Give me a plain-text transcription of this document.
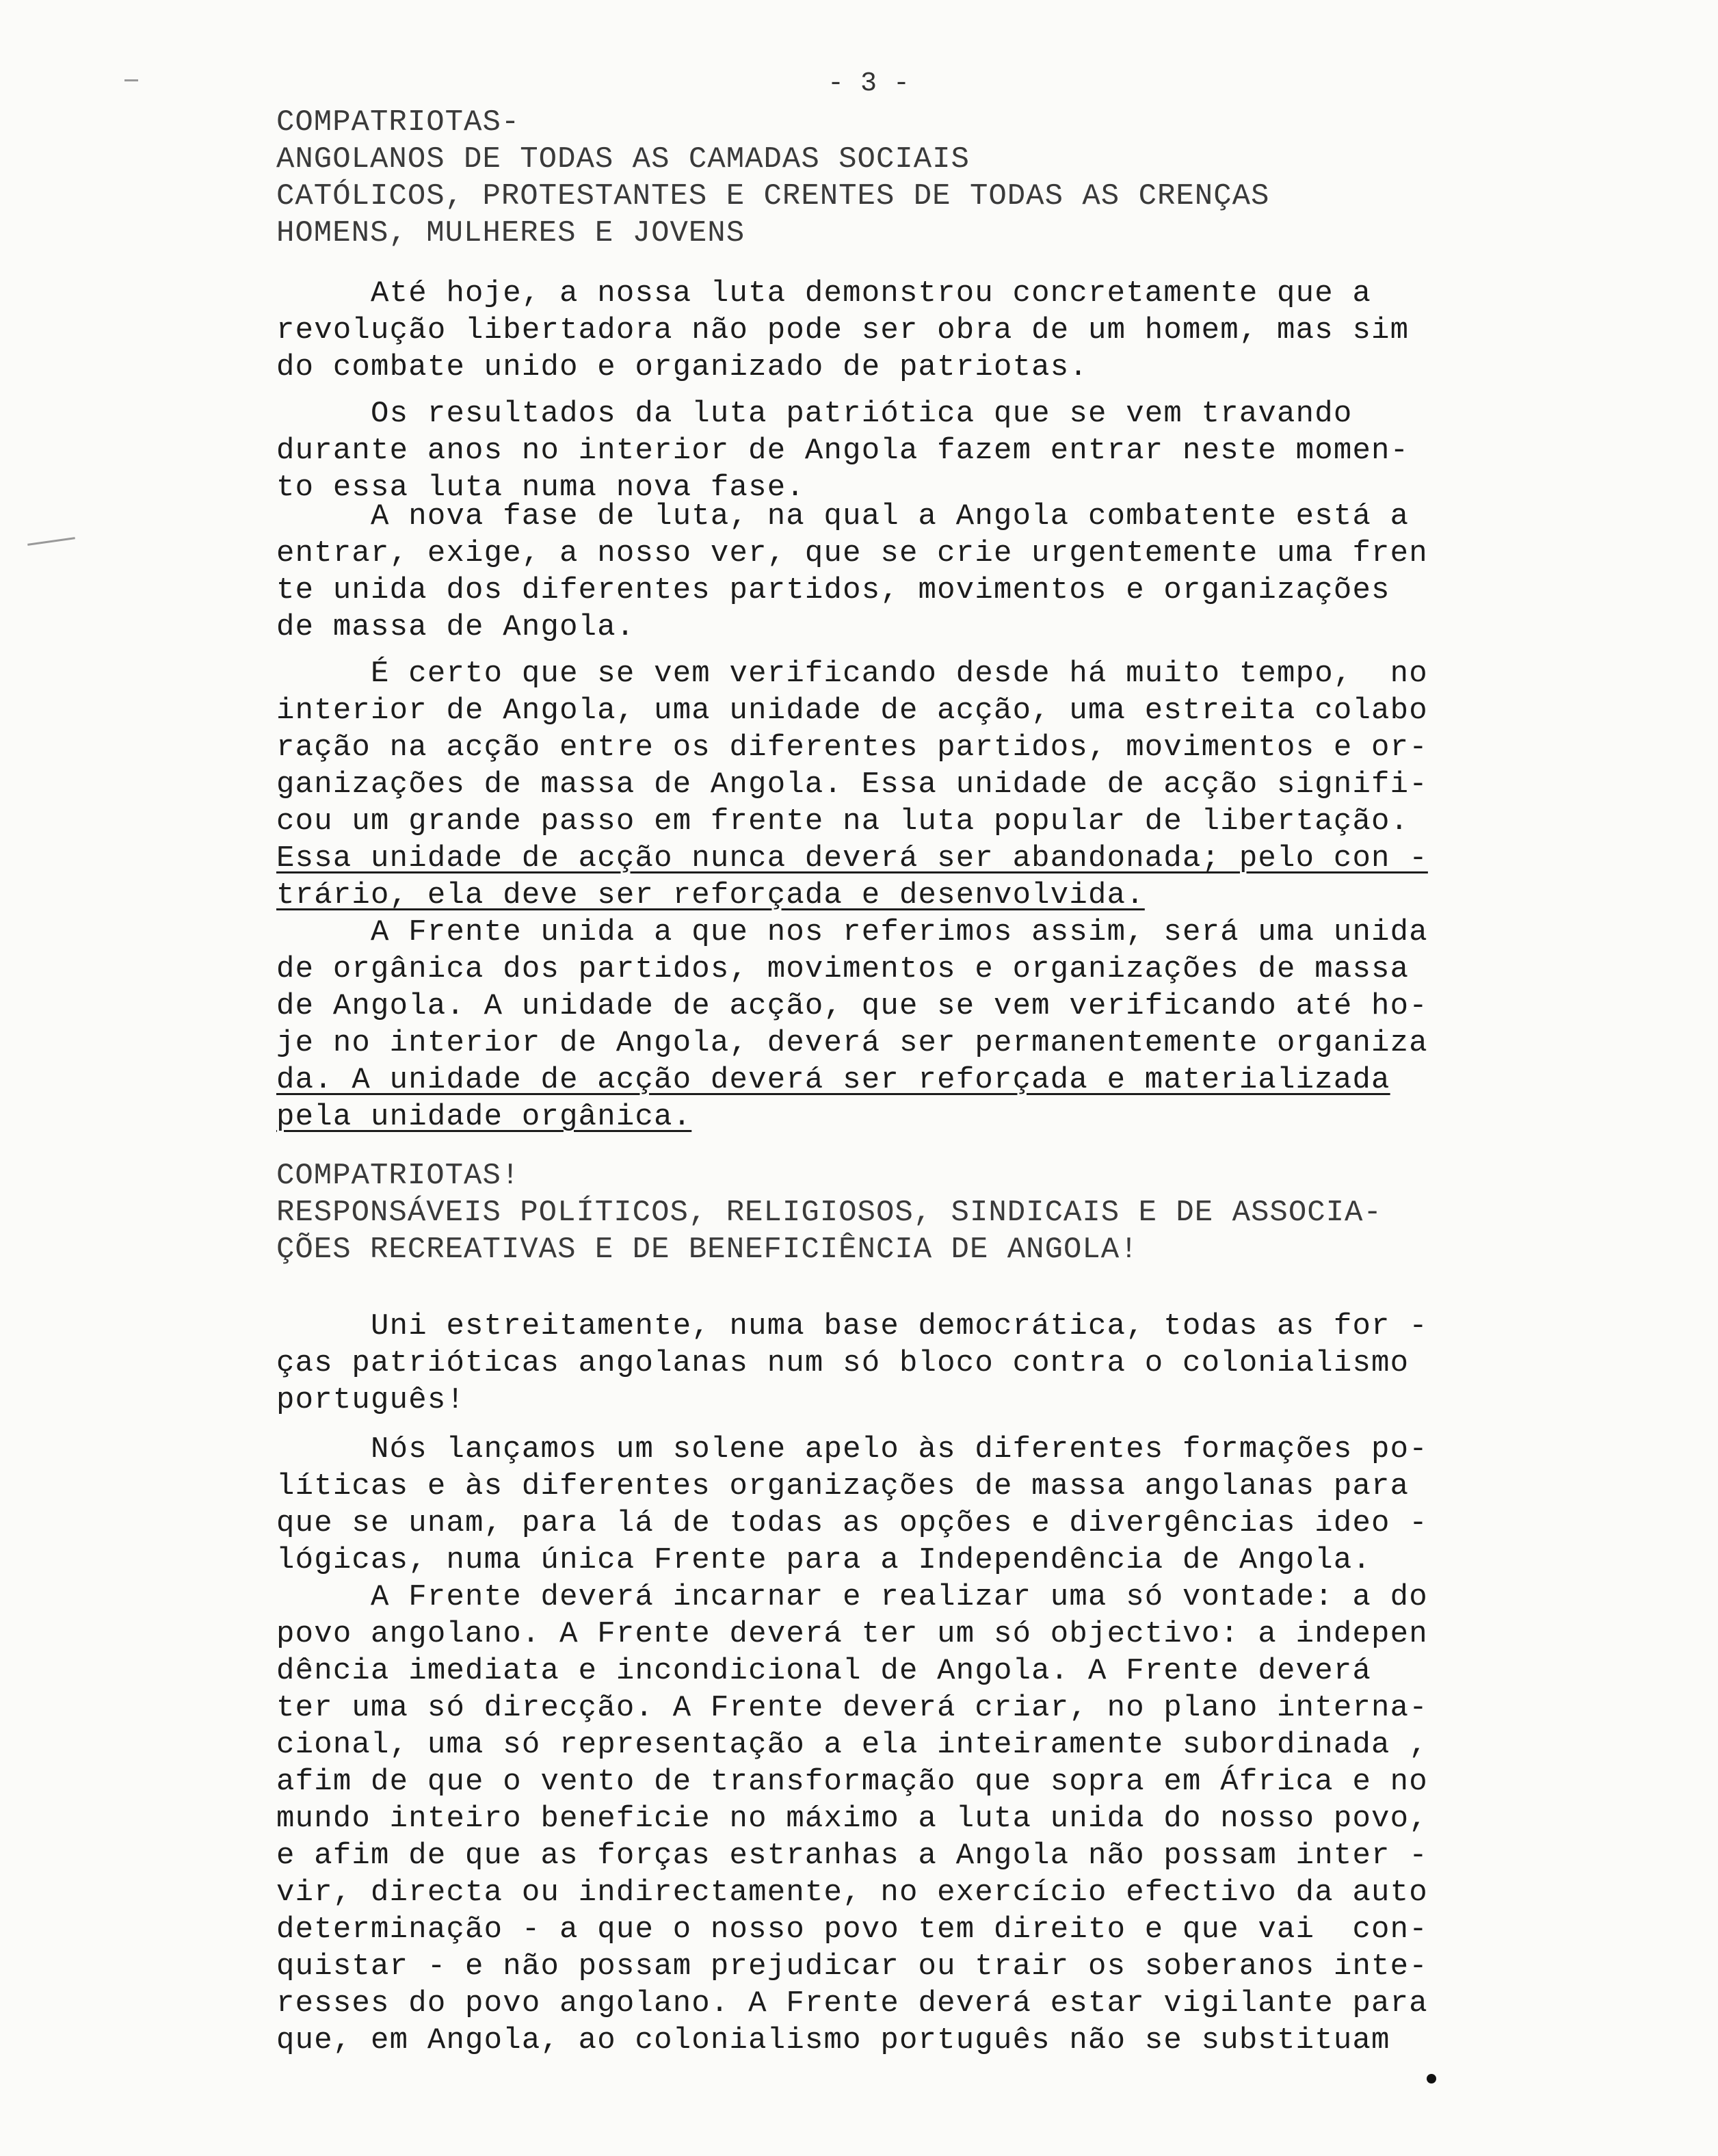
- 3 -
COMPATRIOTAS-
ANGOLANOS DE TODAS AS CAMADAS SOCIAIS
CATÓLICOS, PROTESTANTES E CRENTES DE TODAS AS CRENÇAS
HOMENS, MULHERES E JOVENS
Até hoje, a nossa luta demonstrou concretamente que a
revolução libertadora não pode ser obra de um homem, mas sim
do combate unido e organizado de patriotas.
Os resultados da luta patriótica que se vem travando
durante anos no interior de Angola fazem entrar neste momen-
to essa luta numa nova fase.
A nova fase de luta, na qual a Angola combatente está a
entrar, exige, a nosso ver, que se crie urgentemente uma fren
te unida dos diferentes partidos, movimentos e organizações
de massa de Angola.
É certo que se vem verificando desde há muito tempo,  no
interior de Angola, uma unidade de acção, uma estreita colabo
ração na acção entre os diferentes partidos, movimentos e or-
ganizações de massa de Angola. Essa unidade de acção signifi-
cou um grande passo em frente na luta popular de libertação.
Essa unidade de acção nunca deverá ser abandonada; pelo con -
trário, ela deve ser reforçada e desenvolvida.
A Frente unida a que nos referimos assim, será uma unida
de orgânica dos partidos, movimentos e organizações de massa
de Angola. A unidade de acção, que se vem verificando até ho-
je no interior de Angola, deverá ser permanentemente organiza
da. A unidade de acção deverá ser reforçada e materializada
pela unidade orgânica.
COMPATRIOTAS!
RESPONSÁVEIS POLÍTICOS, RELIGIOSOS, SINDICAIS E DE ASSOCIA-
ÇÕES RECREATIVAS E DE BENEFICIÊNCIA DE ANGOLA!
Uni estreitamente, numa base democrática, todas as for -
ças patrióticas angolanas num só bloco contra o colonialismo
português!
Nós lançamos um solene apelo às diferentes formações po-
líticas e às diferentes organizações de massa angolanas para
que se unam, para lá de todas as opções e divergências ideo -
lógicas, numa única Frente para a Independência de Angola.
A Frente deverá incarnar e realizar uma só vontade: a do
povo angolano. A Frente deverá ter um só objectivo: a indepen
dência imediata e incondicional de Angola. A Frente deverá
ter uma só direcção. A Frente deverá criar, no plano interna-
cional, uma só representação a ela inteiramente subordinada ,
afim de que o vento de transformação que sopra em África e no
mundo inteiro beneficie no máximo a luta unida do nosso povo,
e afim de que as forças estranhas a Angola não possam inter -
vir, directa ou indirectamente, no exercício efectivo da auto
determinação - a que o nosso povo tem direito e que vai  con-
quistar - e não possam prejudicar ou trair os soberanos inte-
resses do povo angolano. A Frente deverá estar vigilante para
que, em Angola, ao colonialismo português não se substituam
